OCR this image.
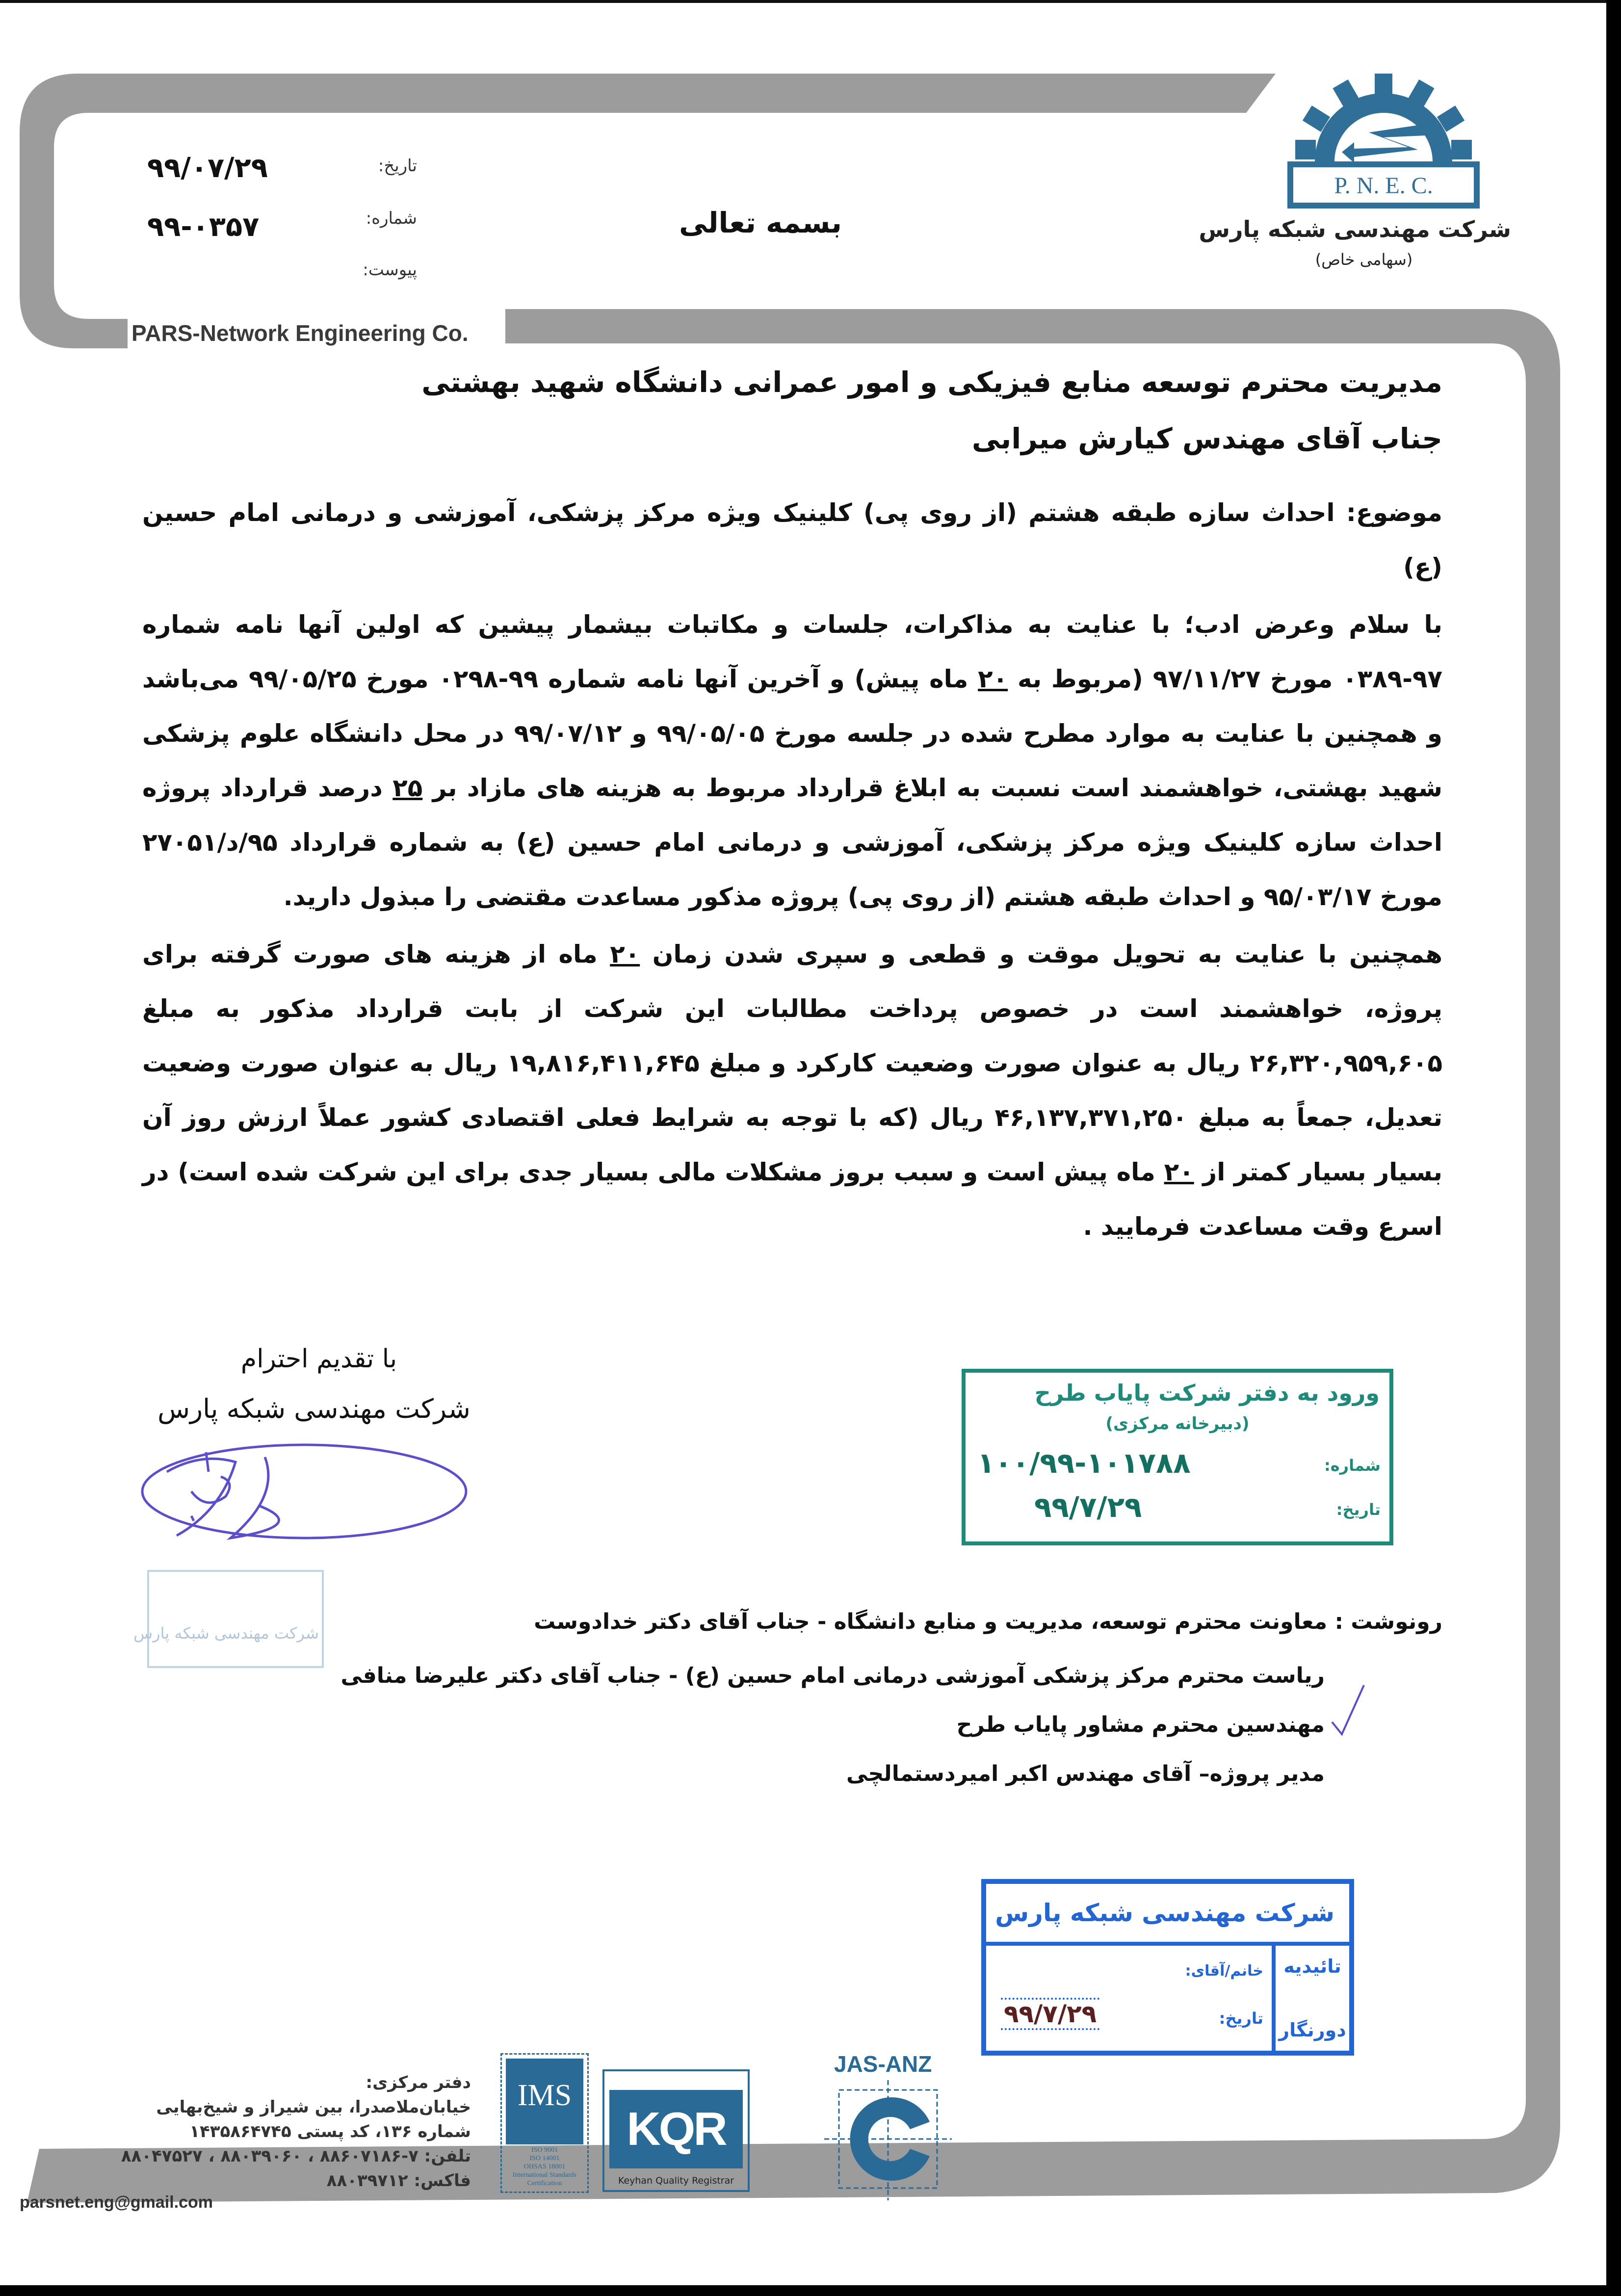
P. N. E. C.
شرکت مهندسی شبکه پارس
(سهامی خاص)
تاریخ:
۹۹/۰۷/۲۹
شماره:
۹۹-۰۳۵۷
پیوست:
بسمه تعالی
PARS-Network Engineering Co.
مدیریت محترم توسعه منابع فیزیکی و امور عمرانی دانشگاه شهید بهشتی
جناب آقای مهندس کیارش میرابی
موضوع: احداث سازه طبقه هشتم (از روی پی) کلینیک ویژه مرکز پزشکی، آموزشی و درمانی امام حسین (ع)
با سلام وعرض ادب؛ با عنایت به مذاکرات، جلسات و مکاتبات بیشمار پیشین که اولین آنها نامه شماره ۹۷-۰۳۸۹ مورخ ۹۷/۱۱/۲۷ (مربوط به ۲۰ ماه پیش) و آخرین آنها نامه شماره ۹۹-۰۲۹۸ مورخ ۹۹/۰۵/۲۵ می‌باشد و همچنین با عنایت به موارد مطرح شده در جلسه مورخ ۹۹/۰۵/۰۵ و ۹۹/۰۷/۱۲ در محل دانشگاه علوم پزشکی شهید بهشتی، خواهشمند است نسبت به ابلاغ قرارداد مربوط به هزینه های مازاد بر ۲۵ درصد قرارداد پروژه احداث سازه کلینیک ویژه مرکز پزشکی، آموزشی و درمانی امام حسین (ع) به شماره قرارداد ۹۵/د/۲۷۰۵۱ مورخ ۹۵/۰۳/۱۷ و احداث طبقه هشتم (از روی پی) پروژه مذکور مساعدت مقتضی را مبذول دارید.
همچنین با عنایت به تحویل موقت و قطعی و سپری شدن زمان ۲۰ ماه از هزینه های صورت گرفته برای پروژه، خواهشمند است در خصوص پرداخت مطالبات این شرکت از بابت قرارداد مذکور به مبلغ ۲۶,۳۲۰,۹۵۹,۶۰۵ ریال به عنوان صورت وضعیت کارکرد و مبلغ ۱۹,۸۱۶,۴۱۱,۶۴۵ ریال به عنوان صورت وضعیت تعدیل، جمعاً به مبلغ ۴۶,۱۳۷,۳۷۱,۲۵۰ ریال (که با توجه به شرایط فعلی اقتصادی کشور عملاً ارزش روز آن بسیار بسیار کمتر از ۲۰ ماه پیش است و سبب بروز مشکلات مالی بسیار جدی برای این شرکت شده است) در اسرع وقت مساعدت فرمایید .
با تقدیم احترام
شرکت مهندسی شبکه پارس
شرکت مهندسی شبکه پارس
ورود به دفتر شرکت پایاب طرح
(دبیرخانه مرکزی)
شماره:
۱۰۰/۹۹-۱۰۱۷۸۸
تاریخ:
۹۹/۷/۲۹
رونوشت : معاونت محترم توسعه، مدیریت و منابع دانشگاه - جناب آقای دکتر خدادوست
ریاست محترم مرکز پزشکی آموزشی درمانی امام حسین (ع) - جناب آقای دکتر علیرضا منافی
مهندسین محترم مشاور پایاب طرح
مدیر پروژه– آقای مهندس اکبر امیردستمالچی
شرکت مهندسی شبکه پارس
تائیدیه
دورنگار
خانم/آقای:
تاریخ:
۹۹/۷/۲۹
دفتر مرکزی:
خیابان‌ملاصدرا، بین شیراز و شیخ‌بهایی
شماره ۱۳۶، کد پستی ۱۴۳۵۸۶۴۷۴۵
تلفن: ۷-۸۸۶۰۷۱۸۶ ، ۸۸۰۳۹۰۶۰ ، ۸۸۰۴۷۵۲۷
فاکس: ۸۸۰۳۹۷۱۲
parsnet.eng@gmail.com
IMS
ISO 9001
ISO 14001
OHSAS 18001
International Standards
Certification
KQR
Keyhan Quality Registrar
JAS-ANZ
